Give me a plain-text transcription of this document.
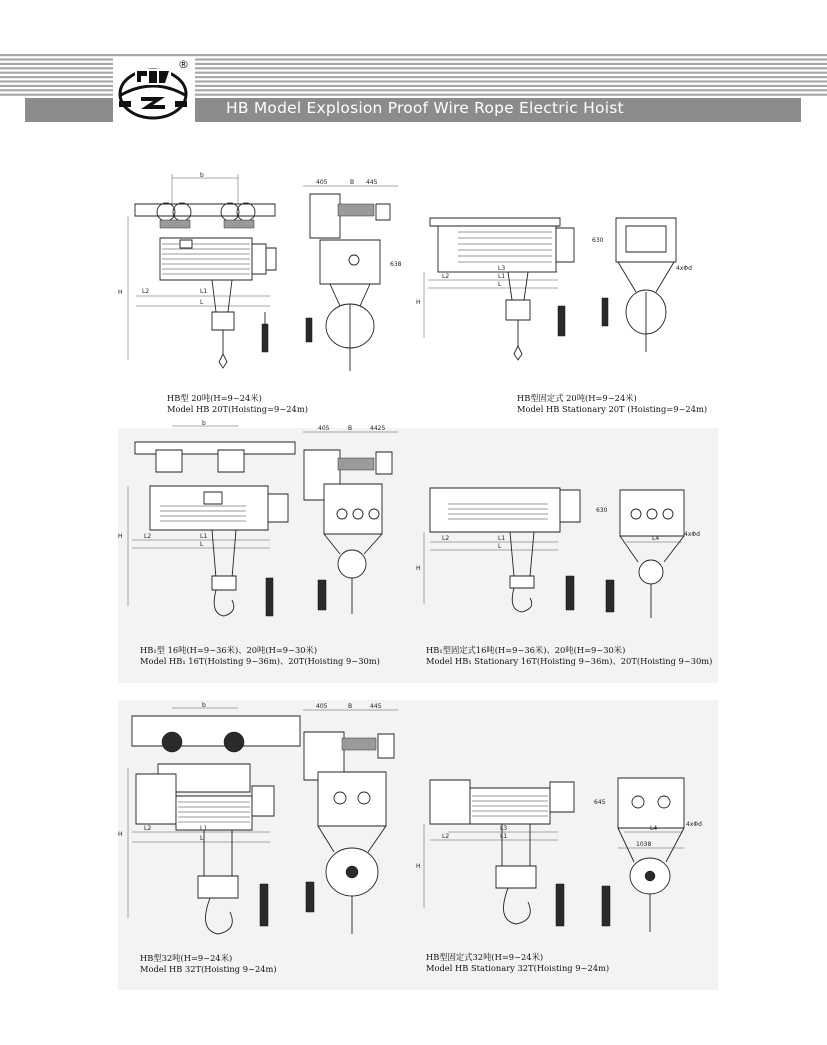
HB Model Explosion Proof Wire Rope Electric Hoist
®
b
H	L2	L1
L
405	B 445
638
HB型 20吨(H=9~24米)
Model HB 20T(Hoisting=9~24m)
L3
L2	L1
L
H
630
4xΦd
HB型固定式 20吨(H=9~24米)
Model HB Stationary 20T (Hoisting=9~24m)
b
H	L2	L1
L
405	B	4425
HB₁型 16吨(H=9~36米)、20吨(H=9~30米)
Model HB₁ 16T(Hoisting 9~36m)、20T(Hoisting 9~30m)
L2	L1
L
H
630
L4
4xΦd
HB₁型固定式16吨(H=9~36米)、20吨(H=9~30米)
Model HB₁ Stationary 16T(Hoisting 9~36m)、20T(Hoisting 9~30m)
b
H
L2	L1
L
405	B	445
HB型32吨(H=9~24米)
Model HB 32T(Hoisting 9~24m)
L3
L2	L1
H
645
L4
4xΦd
1038
HB型固定式32吨(H=9~24米)
Model HB Stationary 32T(Hoisting 9~24m)
